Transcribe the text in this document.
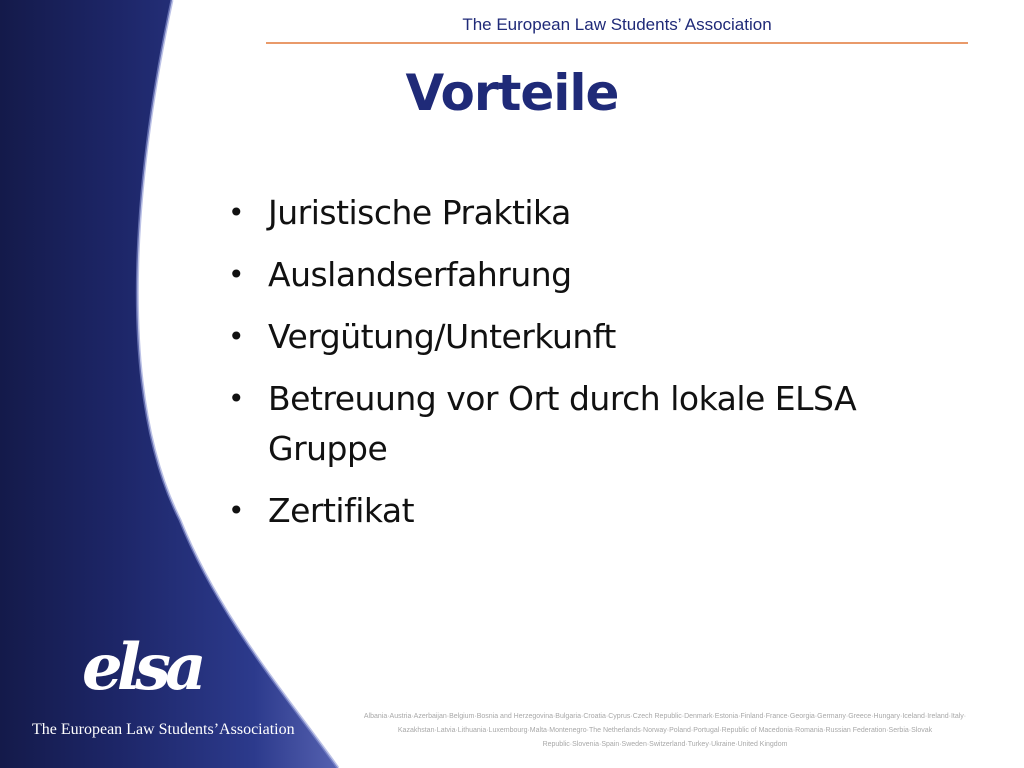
The European Law Students’ Association
Vorteile
• Juristische Praktika
• Auslandserfahrung
• Vergütung/Unterkunft
• Betreuung vor Ort durch lokale ELSA Gruppe
• Zertifikat
elsa
The European Law Students’Association
Albania·Austria·Azerbaijan·Belgium·Bosnia and Herzegovina·Bulgaria·Croatia·Cyprus·Czech Republic·Denmark·Estonia·Finland·France·Georgia·Germany·Greece·Hungary·Iceland·Ireland·Italy· Kazakhstan·Latvia·Lithuania·Luxembourg·Malta·Montenegro·The Netherlands·Norway·Poland·Portugal·Republic of Macedonia·Romania·Russian Federation·Serbia·Slovak Republic·Slovenia·Spain·Sweden·Switzerland·Turkey·Ukraine·United Kingdom
